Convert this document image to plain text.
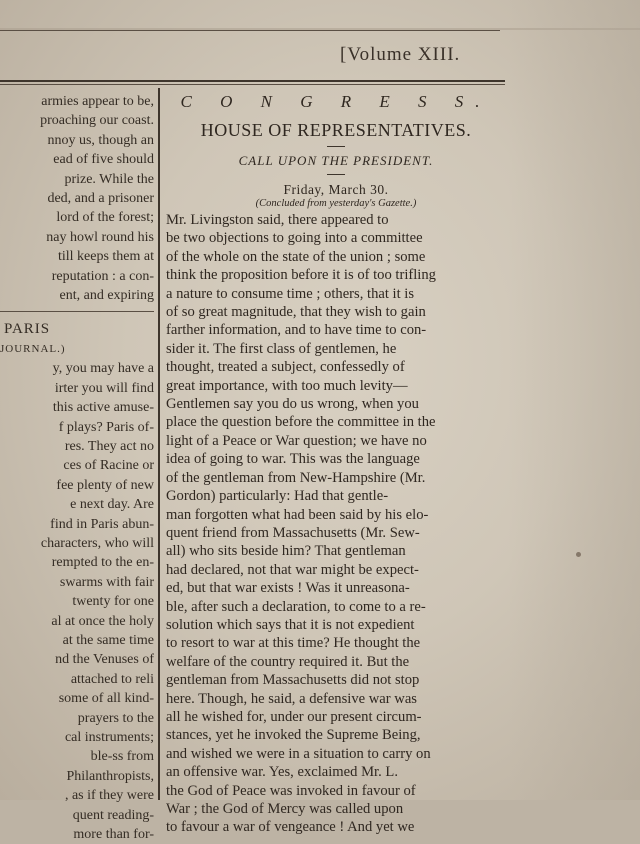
[Volume XIII.
armies appear to be,
proaching our coast.
nnoy us, though an
ead of five should
prize. While the
ded, and a prisoner
lord of the forest;
nay howl round his
till keeps them at
reputation : a con-
ent, and expiring
PARIS
JOURNAL.)
y, you may have a
irter you will find
this active amuse-
f plays? Paris of-
res. They act no
ces of Racine or
fee plenty of new
e next day. Are
find in Paris abun-
characters, who will
rempted to the en-
swarms with fair
twenty for one
al at once the holy
at the same time
nd the Venuses of
attached to reli
some of all kind-
prayers to the
cal instruments;
ble-ss from
Philanthropists,
, as if they were
quent reading-
more than for-
C O N G R E S S.
HOUSE OF REPRESENTATIVES.
CALL UPON THE PRESIDENT.
Friday, March 30.
(Concluded from yesterday's Gazette.)
Mr. Livingston said, there appeared to
be two objections to going into a committee
of the whole on the state of the union ; some
think the proposition before it is of too trifling
a nature to consume time ; others, that it is
of so great magnitude, that they wish to gain
farther information, and to have time to con-
sider it. The first class of gentlemen, he
thought, treated a subject, confessedly of
great importance, with too much levity—
Gentlemen say you do us wrong, when you
place the question before the committee in the
light of a Peace or War question; we have no
idea of going to war. This was the language
of the gentleman from New-Hampshire (Mr.
Gordon) particularly: Had that gentle-
man forgotten what had been said by his elo-
quent friend from Massachusetts (Mr. Sew-
all) who sits beside him? That gentleman
had declared, not that war might be expect-
ed, but that war exists ! Was it unreasona-
ble, after such a declaration, to come to a re-
solution which says that it is not expedient
to resort to war at this time? He thought the
welfare of the country required it. But the
gentleman from Massachusetts did not stop
here. Though, he said, a defensive war was
all he wished for, under our present circum-
stances, yet he invoked the Supreme Being,
and wished we were in a situation to carry on
an offensive war. Yes, exclaimed Mr. L.
the God of Peace was invoked in favour of
War ; the God of Mercy was called upon
to favour a war of vengeance ! And yet we
